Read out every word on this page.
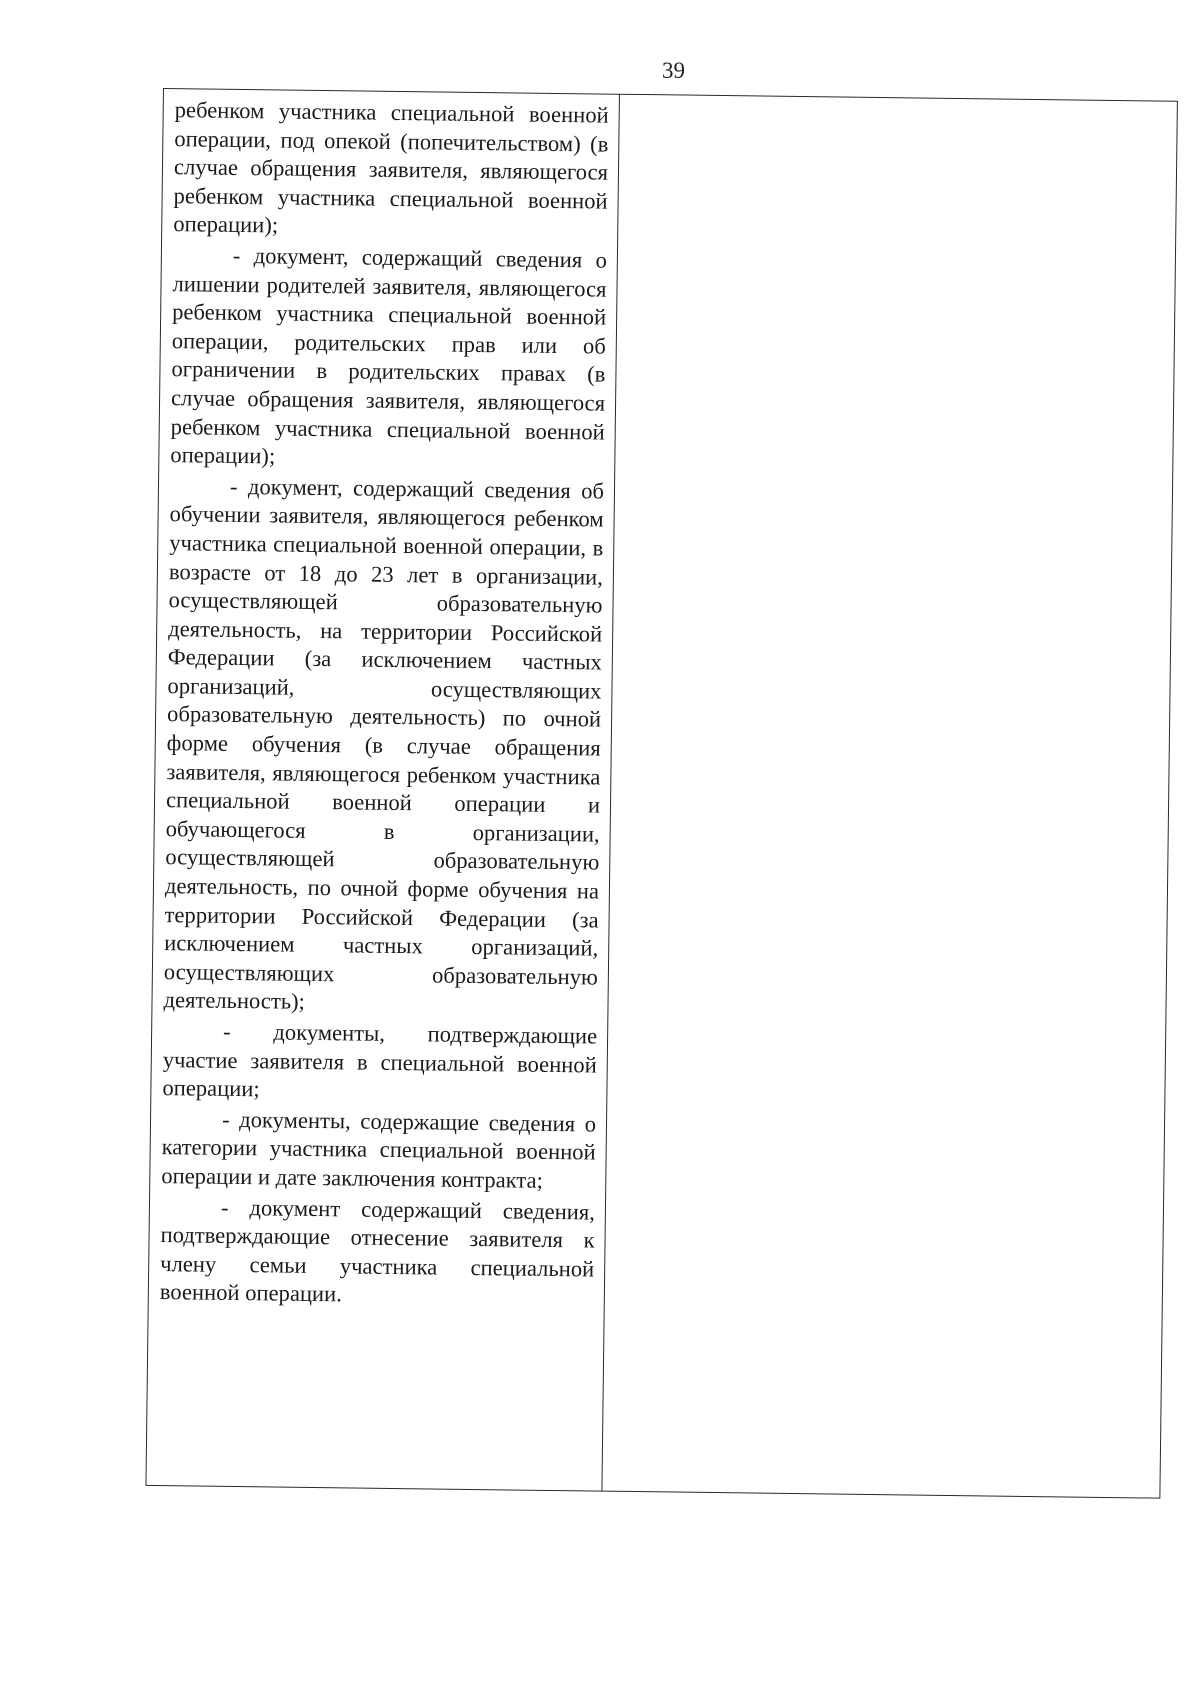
39

ребенком участника специальной военной операции, под опекой (попечительством) (в случае обращения заявителя, являющегося ребенком участника специальной военной операции);

- документ, содержащий сведения о лишении родителей заявителя, являющегося ребенком участника специальной военной операции, родительских прав или об ограничении в родительских правах (в случае обращения заявителя, являющегося ребенком участника специальной военной операции);

- документ, содержащий сведения об обучении заявителя, являющегося ребенком участника специальной военной операции, в возрасте от 18 до 23 лет в организации, осуществляющей образовательную деятельность, на территории Российской Федерации (за исключением частных организаций, осуществляющих образовательную деятельность) по очной форме обучения (в случае обращения заявителя, являющегося ребенком участника специальной военной операции и обучающегося в организации, осуществляющей образовательную деятельность, по очной форме обучения на территории Российской Федерации (за исключением частных организаций, осуществляющих образовательную деятельность);

- документы, подтверждающие участие заявителя в специальной военной операции;

- документы, содержащие сведения о категории участника специальной военной операции и дате заключения контракта;

- документ содержащий сведения, подтверждающие отнесение заявителя к члену семьи участника специальной военной операции.
